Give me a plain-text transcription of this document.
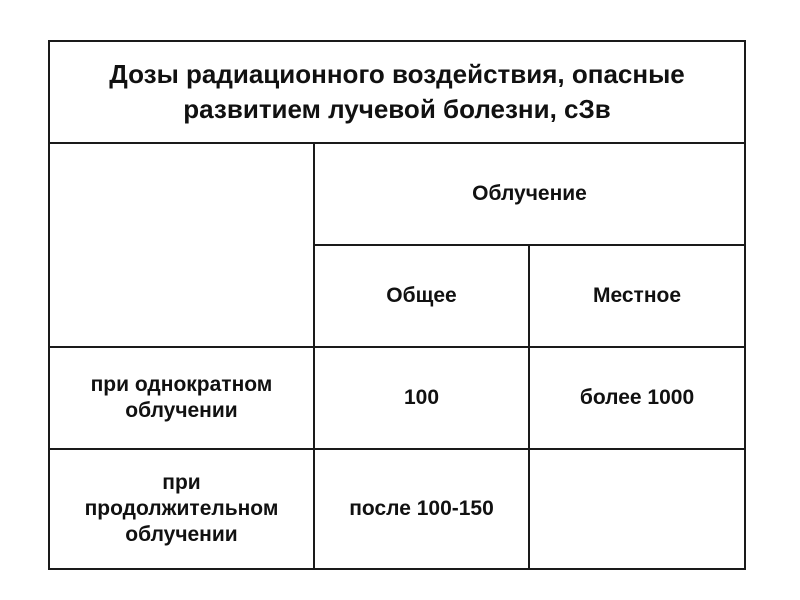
Дозы радиационного воздействия, опасные
развитием лучевой болезни, сЗв		
	Облучение	
	Общее	Местное
при однократном
облучении	100	более 1000
при
продолжительном
облучении	после 100-150	
